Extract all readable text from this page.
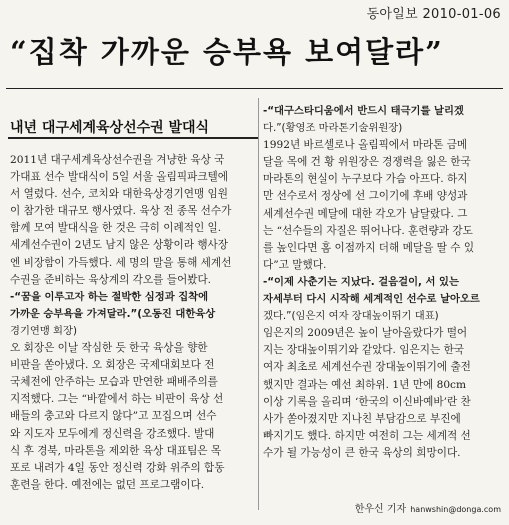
동아일보 2010-01-06
“집착 가까운 승부욕 보여달라”
내년 대구세계육상선수권 발대식
2011년 대구세계육상선수권을 겨냥한 육상 국
가대표 선수 발대식이 5일 서울 올림픽파크텔에
서 열렸다. 선수, 코치와 대한육상경기연맹 임원
이 참가한 대규모 행사였다. 육상 전 종목 선수가
함께 모여 발대식을 한 것은 극히 이례적인 일.
세계선수권이 2년도 남지 않은 상황이라 행사장
엔 비장함이 가득했다. 세 명의 말을 통해 세계선
수권을 준비하는 육상계의 각오를 들어봤다.
-“꿈을 이루고자 하는 절박한 심정과 집착에
가까운 승부욕을 가져달라.”(오동진 대한육상
경기연맹 회장)
오 회장은 이날 작심한 듯 한국 육상을 향한
비판을 쏟아냈다. 오 회장은 국제대회보다 전
국체전에 안주하는 모습과 만연한 패배주의를
지적했다. 그는 “바깥에서 하는 비판이 육상 선
배들의 충고와 다르지 않다”고 꼬집으며 선수
와 지도자 모두에게 정신력을 강조했다. 발대
식 후 경북, 마라톤을 제외한 육상 대표팀은 목
포로 내려가 4일 동안 정신력 강화 위주의 합동
훈련을 한다. 예전에는 없던 프로그램이다.
-“대구스타디움에서 반드시 태극기를 날리겠
다.”(황영조 마라톤기술위원장)
1992년 바르셀로나 올림픽에서 마라톤 금메
달을 목에 건 황 위원장은 경쟁력을 잃은 한국
마라톤의 현실이 누구보다 가슴 아프다. 하지
만 선수로서 정상에 선 그이기에 후배 양성과
세계선수권 메달에 대한 각오가 남달랐다. 그
는 “선수들의 자질은 뛰어나다. 훈련량과 강도
를 높인다면 홈 이점까지 더해 메달을 딸 수 있
다”고 말했다.
-“이제 사춘기는 지났다. 걸음걸이, 서 있는
자세부터 다시 시작해 세계적인 선수로 날아오르
겠다.”(임은지 여자 장대높이뛰기 대표)
임은지의 2009년은 높이 날아올랐다가 떨어
지는 장대높이뛰기와 같았다. 임은지는 한국
여자 최초로 세계선수권 장대높이뛰기에 출전
했지만 결과는 예선 최하위. 1년 만에 80cm
이상 기록을 올리며 ‘한국의 이신바예바’란 찬
사가 쏟아졌지만 지나친 부담감으로 부진에
빠지기도 했다. 하지만 여전히 그는 세계적 선
수가 될 가능성이 큰 한국 육상의 희망이다.
한우신 기자 hanwshin@donga.com
